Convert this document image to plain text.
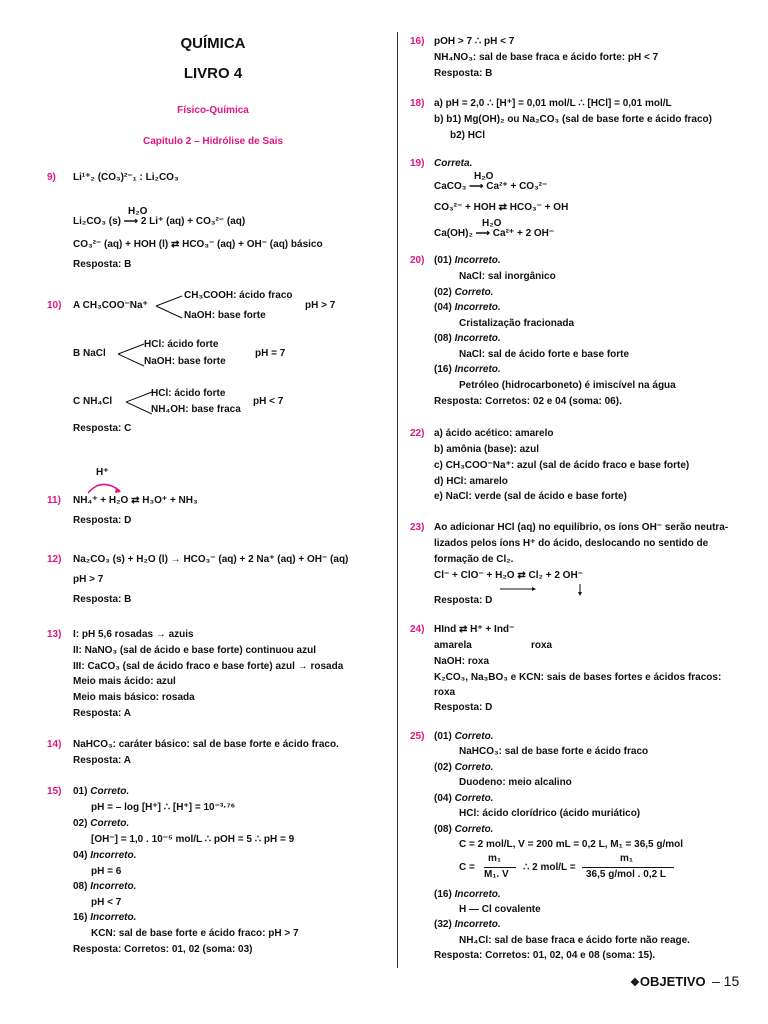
QUÍMICA
LIVRO 4
Físico-Química
Capítulo 2 – Hidrólise de Sais
9) Li¹⁺₂ (CO₃)²⁻₁ : Li₂CO₃
Li₂CO₃ (s) ⟶ 2 Li⁺ (aq) + CO₃²⁻ (aq)
H₂O
CO₃²⁻ (aq) + HOH (l) ⇄ HCO₃⁻ (aq) + OH⁻ (aq) básico
Resposta: B
10) A CH₃COO⁻Na⁺
CH₃COOH: ácido fraco
NaOH: base forte
pH > 7
B NaCl
HCl: ácido forte
NaOH: base forte
pH = 7
C NH₄Cl
HCl: ácido forte
NH₄OH: base fraca
pH < 7
Resposta: C
H⁺
11) NH₄⁺ + H₂O ⇄ H₃O⁺ + NH₃
Resposta: D
12) Na₂CO₃ (s) + H₂O (l) → HCO₃⁻ (aq) + 2 Na⁺ (aq) + OH⁻ (aq)
pH > 7
Resposta: B
13) I: pH 5,6 rosadas → azuis
II: NaNO₃ (sal de ácido e base forte) continuou azul
III: CaCO₃ (sal de ácido fraco e base forte) azul → rosada
Meio mais ácido: azul
Meio mais básico: rosada
Resposta: A
14) NaHCO₃: caráter básico: sal de base forte e ácido fraco.
Resposta: A
15) 01) Correto.
pH = – log [H⁺] ∴ [H⁺] = 10⁻³·⁷⁶
02) Correto.
[OH⁻] = 1,0 . 10⁻⁵ mol/L ∴ pOH = 5 ∴ pH = 9
04) Incorreto.
pH = 6
08) Incorreto.
pH < 7
16) Incorreto.
KCN: sal de base forte e ácido fraco: pH > 7
Resposta: Corretos: 01, 02 (soma: 03)
16) pOH > 7 ∴ pH < 7
NH₄NO₃: sal de base fraca e ácido forte: pH < 7
Resposta: B
18) a) pH = 2,0 ∴ [H⁺] = 0,01 mol/L ∴ [HCl] = 0,01 mol/L
b) b1) Mg(OH)₂ ou Na₂CO₃ (sal de base forte e ácido fraco)
b2) HCl
19) Correta.
H₂O
CaCO₃ ⟶ Ca²⁺ + CO₃²⁻
CO₃²⁻ + HOH ⇄ HCO₃⁻ + OH
H₂O
Ca(OH)₂ ⟶ Ca²⁺ + 2 OH⁻
20) (01) Incorreto.
NaCl: sal inorgânico
(02) Correto.
(04) Incorreto.
Cristalização fracionada
(08) Incorreto.
NaCl: sal de ácido forte e base forte
(16) Incorreto.
Petróleo (hidrocarboneto) é imiscível na água
Resposta: Corretos: 02 e 04 (soma: 06).
22) a) ácido acético: amarelo
b) amônia (base): azul
c) CH₃COO⁻Na⁺: azul (sal de ácido fraco e base forte)
d) HCl: amarelo
e) NaCl: verde (sal de ácido e base forte)
23) Ao adicionar HCl (aq) no equilíbrio, os íons OH⁻ serão neutra-
lizados pelos íons H⁺ do ácido, deslocando no sentido de
formação de Cl₂.
Cl⁻ + ClO⁻ + H₂O ⇄ Cl₂ + 2 OH⁻
Resposta: D
24) HInd ⇄ H⁺ + Ind⁻
amarela	roxa
NaOH: roxa
K₂CO₃, Na₃BO₃ e KCN: sais de bases fortes e ácidos fracos:
roxa
Resposta: D
25) (01) Correto.
NaHCO₃: sal de base forte e ácido fraco
(02) Correto.
Duodeno: meio alcalino
(04) Correto.
HCl: ácido clorídrico (ácido muriático)
(08) Correto.
C = 2 mol/L, V = 200 mL = 0,2 L, M₁ = 36,5 g/mol
C =
m₁
M₁. V
∴ 2 mol/L =
m₁
36,5 g/mol . 0,2 L
(16) Incorreto.
H — Cl covalente
(32) Incorreto.
NH₄Cl: sal de base fraca e ácido forte não reage.
Resposta: Corretos: 01, 02, 04 e 08 (soma: 15).
❖OBJETIVO – 15
